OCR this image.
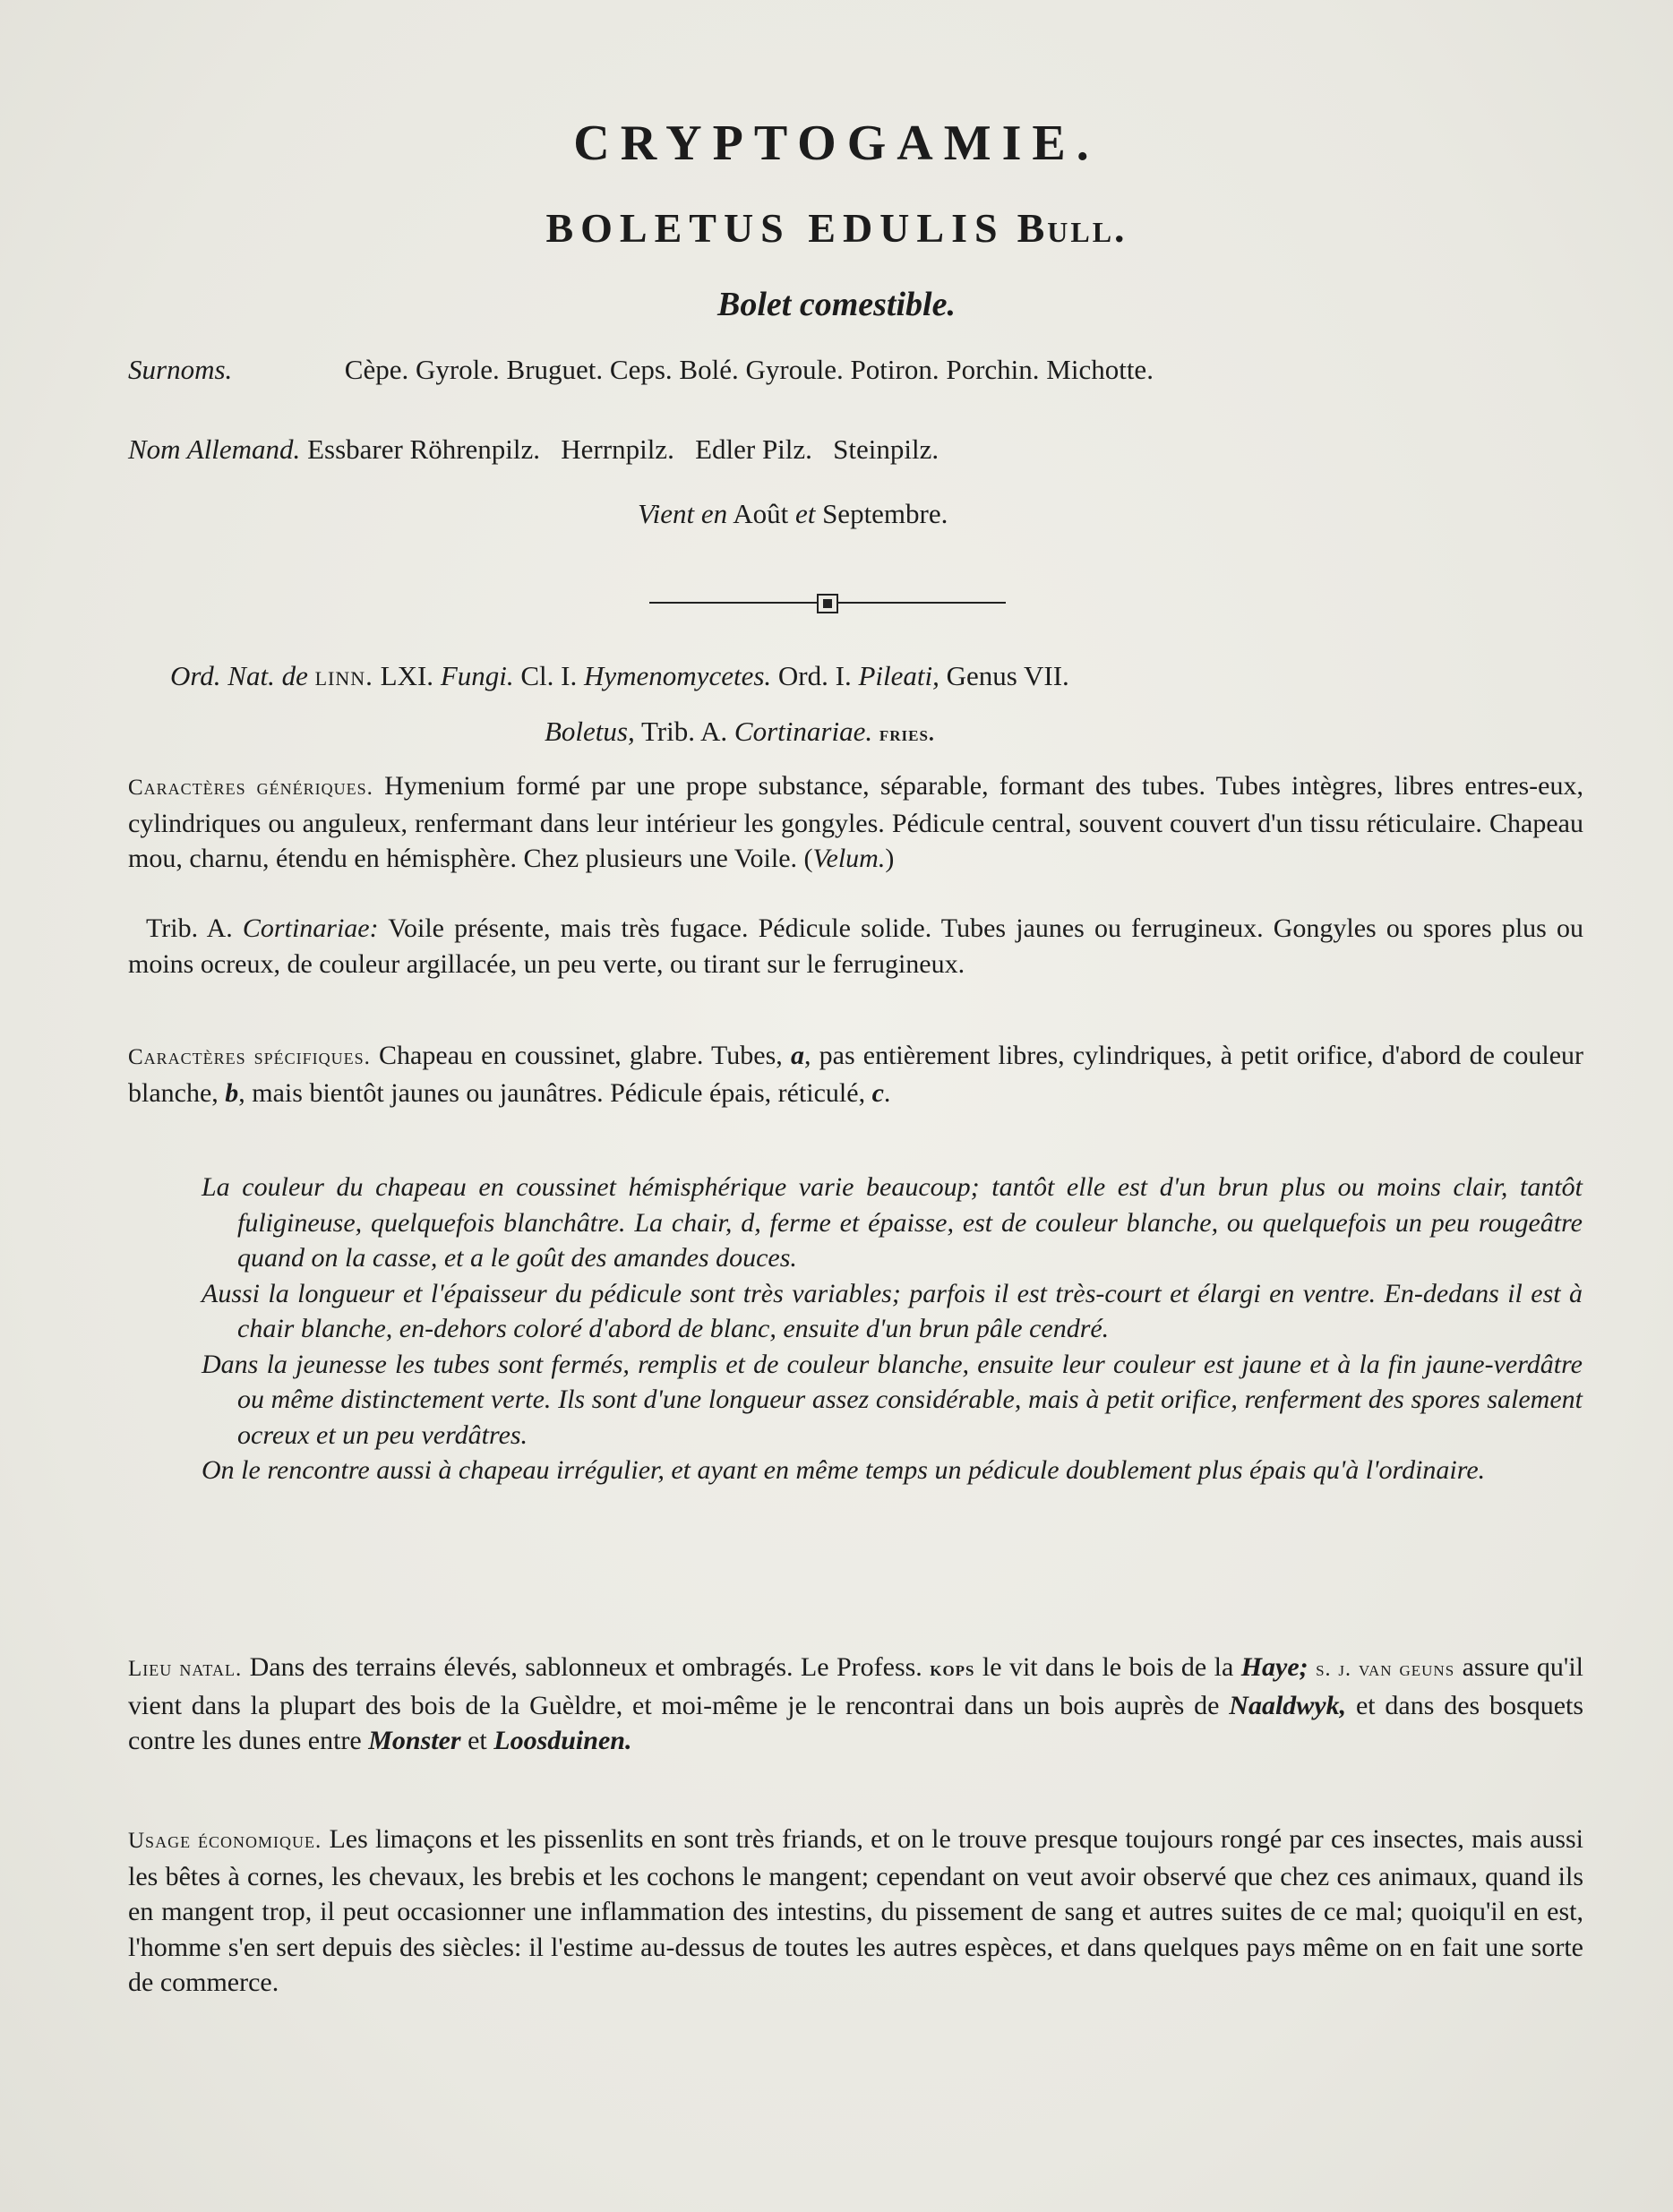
CRYPTOGAMIE.
BOLETUS EDULIS Bull.
Bolet comestible.
Surnoms.	Cèpe. Gyrole. Bruguet. Ceps. Bolé. Gyroule. Potiron. Porchin. Michotte.
Nom Allemand. Essbarer Röhrenpilz.   Herrnpilz.   Edler Pilz.   Steinpilz.
Vient en Août et Septembre.
Ord. Nat. de linn. LXI. Fungi. Cl. I. Hymenomycetes. Ord. I. Pileati, Genus VII.
Boletus, Trib. A. Cortinariae. fries.
Caractères génériques. Hymenium formé par une prope substance, séparable, formant des tubes. Tubes intègres, libres entres-eux, cylindriques ou anguleux, renfermant dans leur intérieur les gongyles. Pédicule central, souvent couvert d'un tissu réticulaire. Chapeau mou, charnu, étendu en hémisphère. Chez plusieurs une Voile. (Velum.)
Trib. A. Cortinariae: Voile présente, mais très fugace. Pédicule solide. Tubes jaunes ou ferrugineux. Gongyles ou spores plus ou moins ocreux, de couleur argillacée, un peu verte, ou tirant sur le ferrugineux.
Caractères spécifiques. Chapeau en coussinet, glabre. Tubes, a, pas entièrement libres, cylindriques, à petit orifice, d'abord de couleur blanche, b, mais bientôt jaunes ou jaunâtres. Pédicule épais, réticulé, c.

La couleur du chapeau en coussinet hémisphérique varie beaucoup; tantôt elle est d'un brun plus ou moins clair, tantôt fuligineuse, quelquefois blanchâtre. La chair, d, ferme et épaisse, est de couleur blanche, ou quelquefois un peu rougeâtre quand on la casse, et a le goût des amandes douces.

Aussi la longueur et l'épaisseur du pédicule sont très variables; parfois il est très-court et élargi en ventre. En-dedans il est à chair blanche, en-dehors coloré d'abord de blanc, ensuite d'un brun pâle cendré.

Dans la jeunesse les tubes sont fermés, remplis et de couleur blanche, ensuite leur couleur est jaune et à la fin jaune-verdâtre ou même distinctement verte. Ils sont d'une longueur assez considérable, mais à petit orifice, renferment des spores salement ocreux et un peu verdâtres.

On le rencontre aussi à chapeau irrégulier, et ayant en même temps un pédicule doublement plus épais qu'à l'ordinaire.

Lieu natal. Dans des terrains élevés, sablonneux et ombragés. Le Profess. kops le vit dans le bois de la Haye; s. j. van geuns assure qu'il vient dans la plupart des bois de la Guèldre, et moi-même je le rencontrai dans un bois auprès de Naaldwyk, et dans des bosquets contre les dunes entre Monster et Loosduinen.
Usage économique. Les limaçons et les pissenlits en sont très friands, et on le trouve presque toujours rongé par ces insectes, mais aussi les bêtes à cornes, les chevaux, les brebis et les cochons le mangent; cependant on veut avoir observé que chez ces animaux, quand ils en mangent trop, il peut occasionner une inflammation des intestins, du pissement de sang et autres suites de ce mal; quoiqu'il en est, l'homme s'en sert depuis des siècles: il l'estime au-dessus de toutes les autres espèces, et dans quelques pays même on en fait une sorte de commerce.
